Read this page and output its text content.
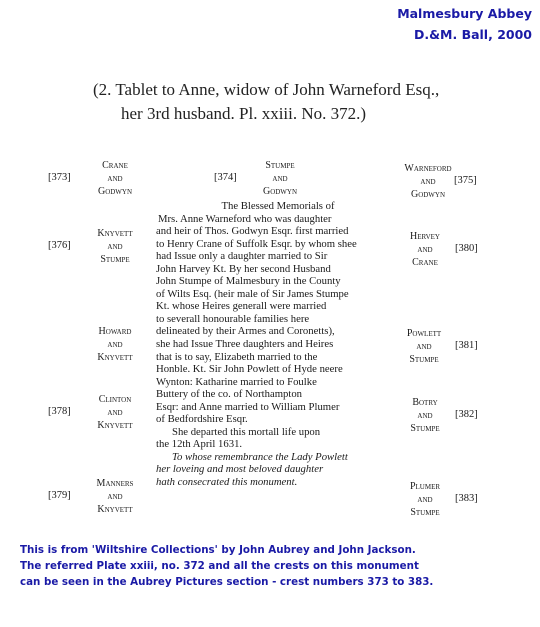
Malmesbury Abbey
D.&M. Ball, 2000
(2. Tablet to Anne, widow of John Warneford Esq.,
her 3rd husband. Pl. xxiii. No. 372.)
[373]
Crane
and
Godwyn
[374]
Stumpe
and
Godwyn
Warneford
and
Godwyn
[375]
[376]
Knyvett
and
Stumpe
Hervey
and
Crane
[380]
Howard
and
Knyvett
Powlett
and
Stumpe
[381]
[378]
Clinton
and
Knyvett
Botry
and
Stumpe
[382]
[379]
Manners
and
Knyvett
Plumer
and
Stumpe
[383]
The Blessed Memorials of
Mrs. Anne Warneford who was daughter
and heir of Thos. Godwyn Esqr. first married
to Henry Crane of Suffolk Esqr. by whom shee
had Issue only a daughter married to Sir
John Harvey Kt. By her second Husband
John Stumpe of Malmesbury in the County
of Wilts Esq. (heir male of Sir James Stumpe
Kt. whose Heires generall were married
to severall honourable families here
delineated by their Armes and Coronetts),
she had Issue Three daughters and Heires
that is to say, Elizabeth married to the
Honble. Kt. Sir John Powlett of Hyde neere
Wynton: Katharine married to Foulke
Buttery of the co. of Northampton
Esqr: and Anne married to William Plumer
of Bedfordshire Esqr.
She departed this mortall life upon
the 12th April 1631.
To whose remembrance the Lady Powlett
her loveing and most beloved daughter
hath consecrated this monument.
This is from 'Wiltshire Collections' by John Aubrey and John Jackson.
The referred Plate xxiii, no. 372 and all the crests on this monument
can be seen in the Aubrey Pictures section - crest numbers 373 to 383.
